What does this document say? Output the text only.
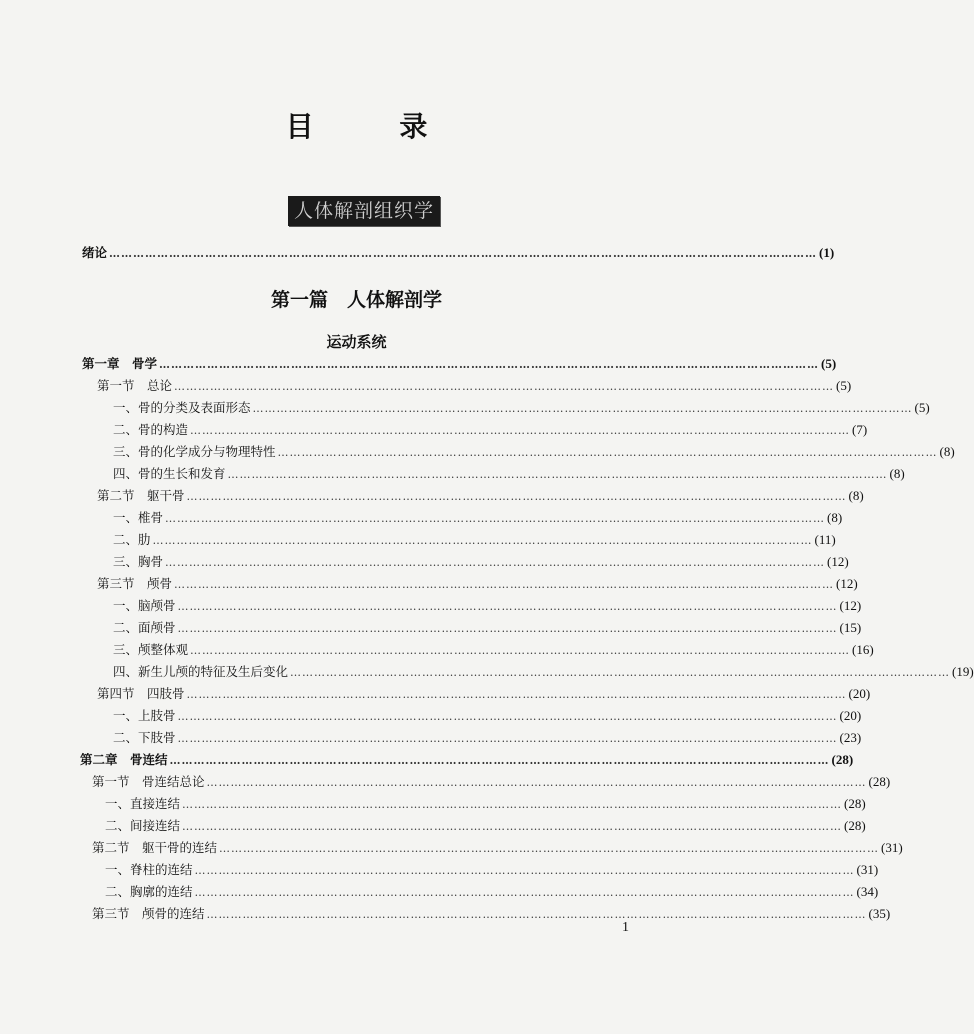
目 录
人体解剖组织学
绪论 …………………………………………………………………………………………………………………………………………………………… (1)
第一篇　人体解剖学
运动系统
第一章　骨学 ………………………………………………………………………………………………………………………………………………… (5)
第一节　总论 ………………………………………………………………………………………………………………………………………………… (5)
一、骨的分类及表面形态 ………………………………………………………………………………………………………………………………………………… (5)
二、骨的构造 ………………………………………………………………………………………………………………………………………………… (7)
三、骨的化学成分与物理特性 ………………………………………………………………………………………………………………………………………………… (8)
四、骨的生长和发育 ………………………………………………………………………………………………………………………………………………… (8)
第二节　躯干骨 ………………………………………………………………………………………………………………………………………………… (8)
一、椎骨 ………………………………………………………………………………………………………………………………………………… (8)
二、肋 ………………………………………………………………………………………………………………………………………………… (11)
三、胸骨 ………………………………………………………………………………………………………………………………………………… (12)
第三节　颅骨 ………………………………………………………………………………………………………………………………………………… (12)
一、脑颅骨 ………………………………………………………………………………………………………………………………………………… (12)
二、面颅骨 ………………………………………………………………………………………………………………………………………………… (15)
三、颅整体观 ………………………………………………………………………………………………………………………………………………… (16)
四、新生儿颅的特征及生后变化 ………………………………………………………………………………………………………………………………………………… (19)
第四节　四肢骨 ………………………………………………………………………………………………………………………………………………… (20)
一、上肢骨 ………………………………………………………………………………………………………………………………………………… (20)
二、下肢骨 ………………………………………………………………………………………………………………………………………………… (23)
第二章　骨连结 ………………………………………………………………………………………………………………………………………………… (28)
第一节　骨连结总论 ………………………………………………………………………………………………………………………………………………… (28)
一、直接连结 ………………………………………………………………………………………………………………………………………………… (28)
二、间接连结 ………………………………………………………………………………………………………………………………………………… (28)
第二节　躯干骨的连结 ………………………………………………………………………………………………………………………………………………… (31)
一、脊柱的连结 ………………………………………………………………………………………………………………………………………………… (31)
二、胸廓的连结 ………………………………………………………………………………………………………………………………………………… (34)
第三节　颅骨的连结 ………………………………………………………………………………………………………………………………………………… (35)
1
